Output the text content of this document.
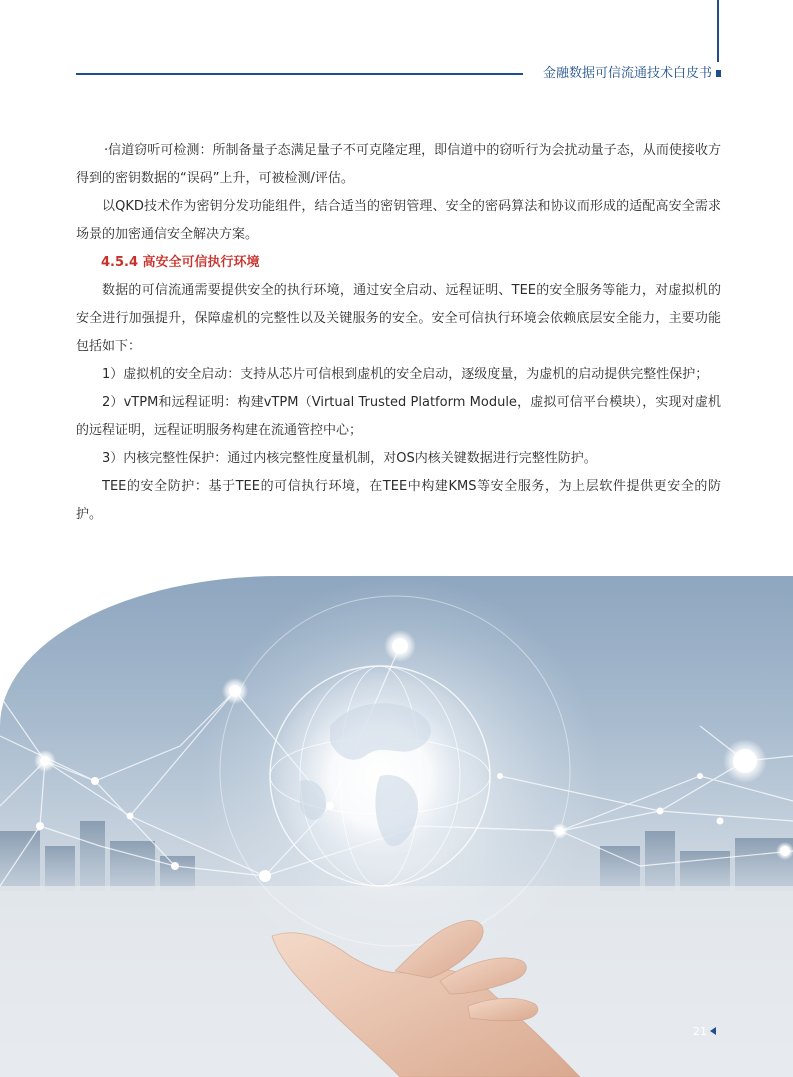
金融数据可信流通技术白皮书

·信道窃听可检测：所制备量子态满足量子不可克隆定理，即信道中的窃听行为会扰动量子态，从而使接收方得到的密钥数据的“误码”上升，可被检测/评估。

以QKD技术作为密钥分发功能组件，结合适当的密钥管理、安全的密码算法和协议而形成的适配高安全需求场景的加密通信安全解决方案。

4.5.4 高安全可信执行环境

数据的可信流通需要提供安全的执行环境，通过安全启动、远程证明、TEE的安全服务等能力，对虚拟机的安全进行加强提升，保障虚机的完整性以及关键服务的安全。安全可信执行环境会依赖底层安全能力，主要功能包括如下：

1）虚拟机的安全启动：支持从芯片可信根到虚机的安全启动，逐级度量，为虚机的启动提供完整性保护；

2）vTPM和远程证明：构建vTPM（Virtual Trusted Platform Module，虚拟可信平台模块），实现对虚机的远程证明，远程证明服务构建在流通管控中心；

3）内核完整性保护：通过内核完整性度量机制，对OS内核关键数据进行完整性防护。

TEE的安全防护：基于TEE的可信执行环境，在TEE中构建KMS等安全服务，为上层软件提供更安全的防护。

21
